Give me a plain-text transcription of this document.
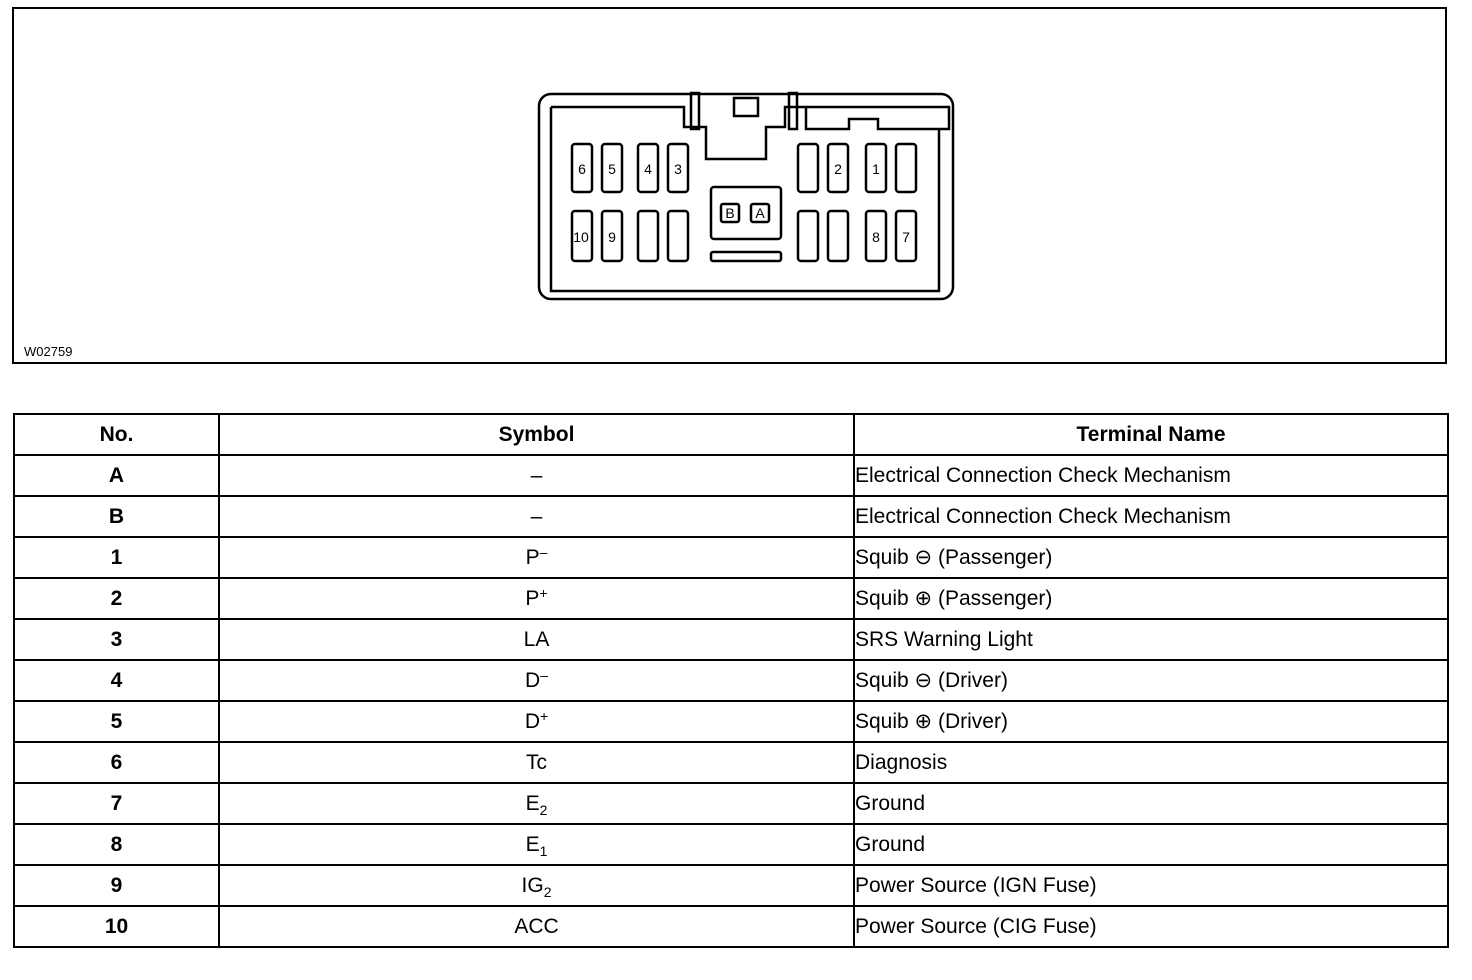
6 5 4 3	2 1
10 9	8 7
B A
W02759
No.	Symbol	Terminal Name
A	–	Electrical Connection Check Mechanism
B	–	Electrical Connection Check Mechanism
1	P–	Squib ⊖ (Passenger)
2	P+	Squib ⊕ (Passenger)
3	LA	SRS Warning Light
4	D–	Squib ⊖ (Driver)
5	D+	Squib ⊕ (Driver)
6	Tc	Diagnosis
7	$E_2$	Ground
8	$E_1$	Ground
9	$IG_2$	Power Source (IGN Fuse)
10	ACC	Power Source (CIG Fuse)
